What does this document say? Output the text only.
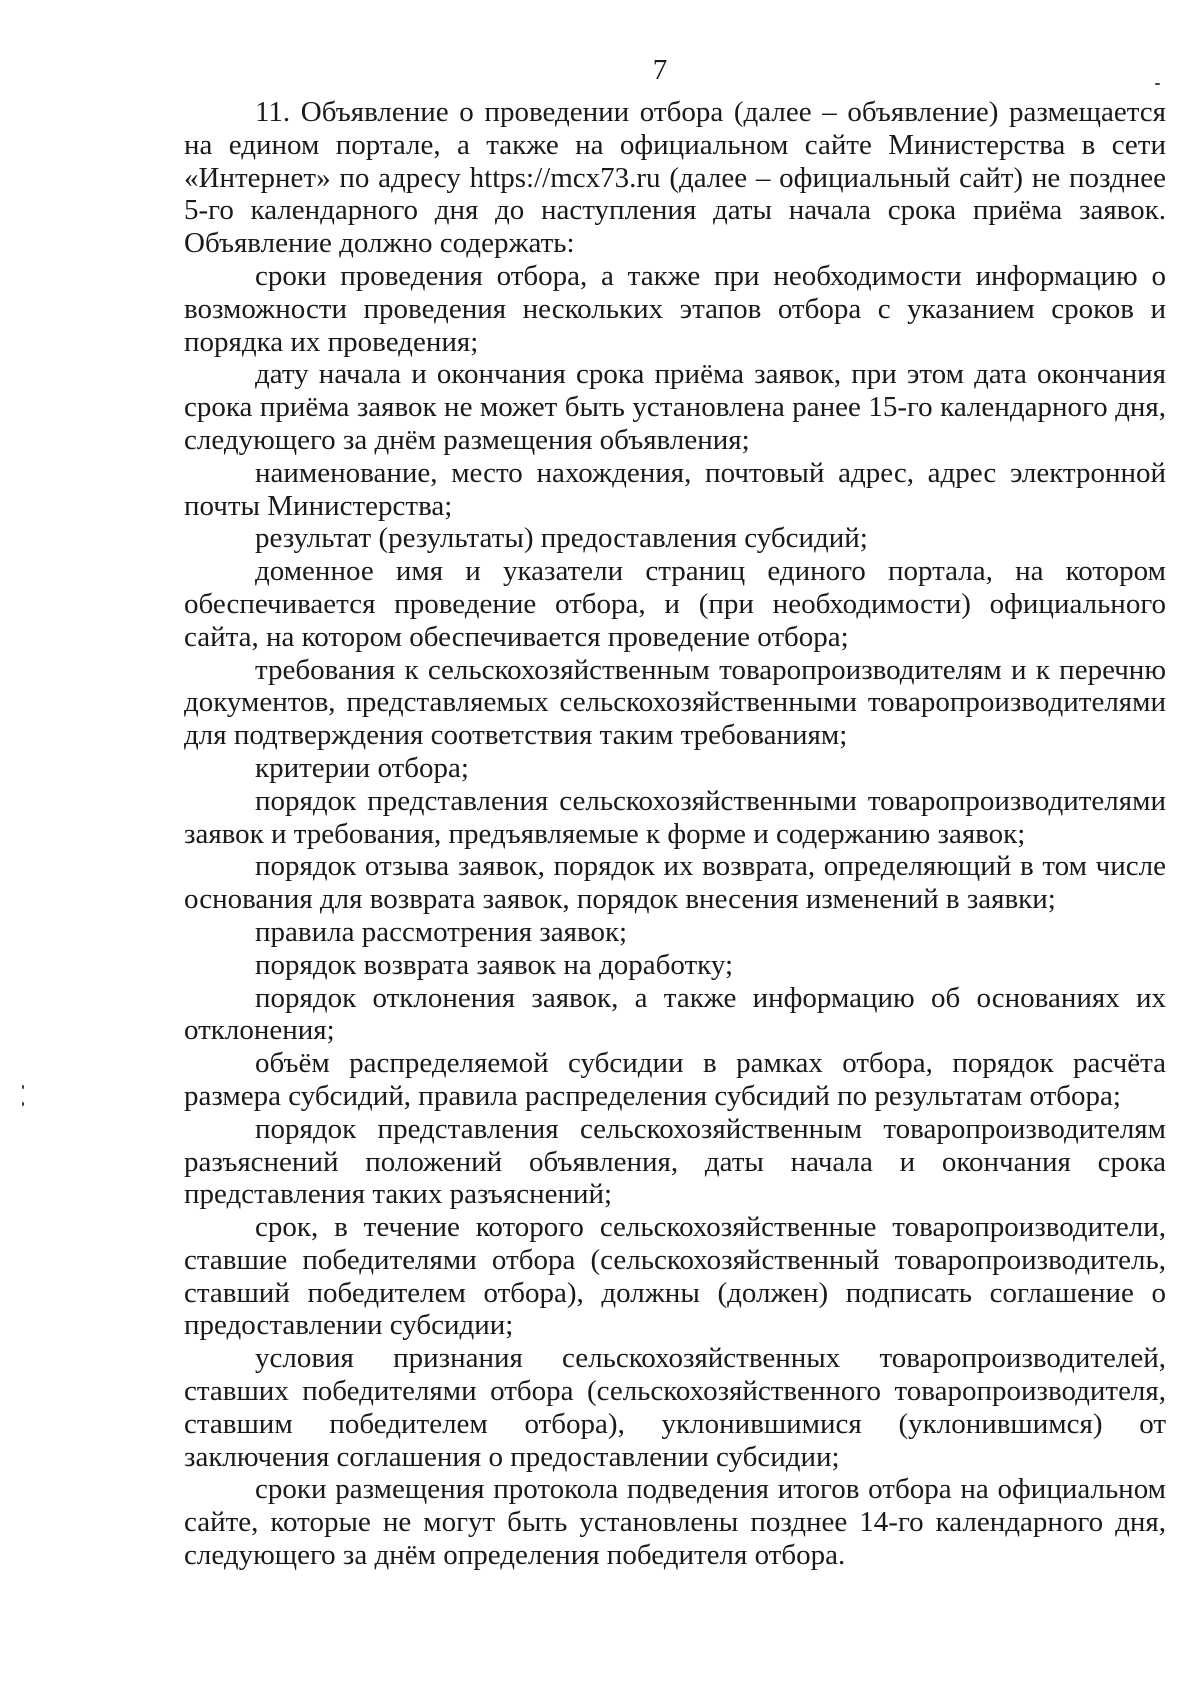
7

11. Объявление о проведении отбора (далее – объявление) размещается на едином портале, а также на официальном сайте Министерства в сети «Интернет» по адресу https://mcx73.ru (далее – официальный сайт) не позднее 5-го календарного дня до наступления даты начала срока приёма заявок. Объявление должно содержать:

сроки проведения отбора, а также при необходимости информацию о возможности проведения нескольких этапов отбора с указанием сроков и порядка их проведения;

дату начала и окончания срока приёма заявок, при этом дата окончания срока приёма заявок не может быть установлена ранее 15-го календарного дня, следующего за днём размещения объявления;

наименование, место нахождения, почтовый адрес, адрес электронной почты Министерства;

результат (результаты) предоставления субсидий;

доменное имя и указатели страниц единого портала, на котором обеспечивается проведение отбора, и (при необходимости) официального сайта, на котором обеспечивается проведение отбора;

требования к сельскохозяйственным товаропроизводителям и к перечню документов, представляемых сельскохозяйственными товаропроизводителями для подтверждения соответствия таким требованиям;

критерии отбора;

порядок представления сельскохозяйственными товаропроизводителями заявок и требования, предъявляемые к форме и содержанию заявок;

порядок отзыва заявок, порядок их возврата, определяющий в том числе основания для возврата заявок, порядок внесения изменений в заявки;

правила рассмотрения заявок;

порядок возврата заявок на доработку;

порядок отклонения заявок, а также информацию об основаниях их отклонения;

объём распределяемой субсидии в рамках отбора, порядок расчёта размера субсидий, правила распределения субсидий по результатам отбора;

порядок представления сельскохозяйственным товаропроизводителям разъяснений положений объявления, даты начала и окончания срока представления таких разъяснений;

срок, в течение которого сельскохозяйственные товаропроизводители, ставшие победителями отбора (сельскохозяйственный товаропроизводитель, ставший победителем отбора), должны (должен) подписать соглашение о предоставлении субсидии;

условия признания сельскохозяйственных товаропроизводителей, ставших победителями отбора (сельскохозяйственного товаропроизводителя, ставшим победителем отбора), уклонившимися (уклонившимся) от заключения соглашения о предоставлении субсидии;

сроки размещения протокола подведения итогов отбора на официальном сайте, которые не могут быть установлены позднее 14-го календарного дня, следующего за днём определения победителя отбора.
